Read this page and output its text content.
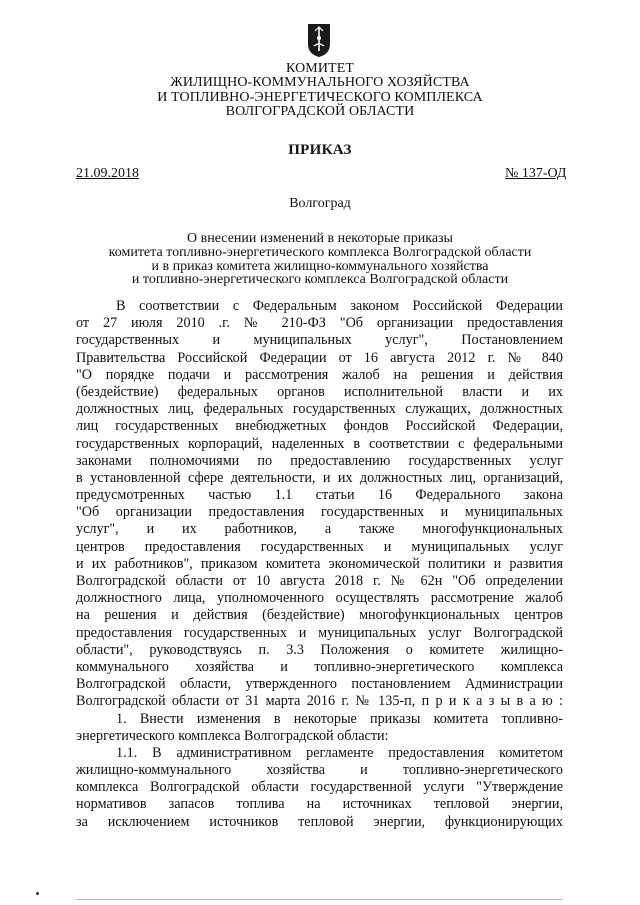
КОМИТЕТ
ЖИЛИЩНО-КОММУНАЛЬНОГО ХОЗЯЙСТВА
И ТОПЛИВНО-ЭНЕРГЕТИЧЕСКОГО КОМПЛЕКСА
ВОЛГОГРАДСКОЙ ОБЛАСТИ
ПРИКАЗ
21.09.2018	№ 137-ОД
Волгоград
О внесении изменений в некоторые приказы
комитета топливно-энергетического комплекса Волгоградской области
и в приказ комитета жилищно-коммунального хозяйства
и топливно-энергетического комплекса Волгоградской области
В соответствии с Федеральным законом Российской Федерации
от 27 июля 2010 .г. № 210-ФЗ "Об организации предоставления
государственных и муниципальных услуг", Постановлением
Правительства Российской Федерации от 16 августа 2012 г. № 840
"О порядке подачи и рассмотрения жалоб на решения и действия
(бездействие) федеральных органов исполнительной власти и их
должностных лиц, федеральных государственных служащих, должностных
лиц государственных внебюджетных фондов Российской Федерации,
государственных корпораций, наделенных в соответствии с федеральными
законами полномочиями по предоставлению государственных услуг
в установленной сфере деятельности, и их должностных лиц, организаций,
предусмотренных частью 1.1 статьи 16 Федерального закона
"Об организации предоставления государственных и муниципальных
услуг", и их работников, а также многофункциональных
центров предоставления государственных и муниципальных услуг
и их работников", приказом комитета экономической политики и развития
Волгоградской области от 10 августа 2018 г. № 62н "Об определении
должностного лица, уполномоченного осуществлять рассмотрение жалоб
на решения и действия (бездействие) многофункциональных центров
предоставления государственных и муниципальных услуг Волгоградской
области", руководствуясь п. 3.3 Положения о комитете жилищно-
коммунального хозяйства и топливно-энергетического комплекса
Волгоградской области, утвержденного постановлением Администрации
Волгоградской области от 31 марта 2016 г. № 135-п, п р и к а з ы в а ю :
1. Внести изменения в некоторые приказы комитета топливно-
энергетического комплекса Волгоградской области:
1.1. В административном регламенте предоставления комитетом
жилищно-коммунального хозяйства и топливно-энергетического
комплекса Волгоградской области государственной услуги "Утверждение
нормативов запасов топлива на источниках тепловой энергии,
за исключением источников тепловой энергии, функционирующих
